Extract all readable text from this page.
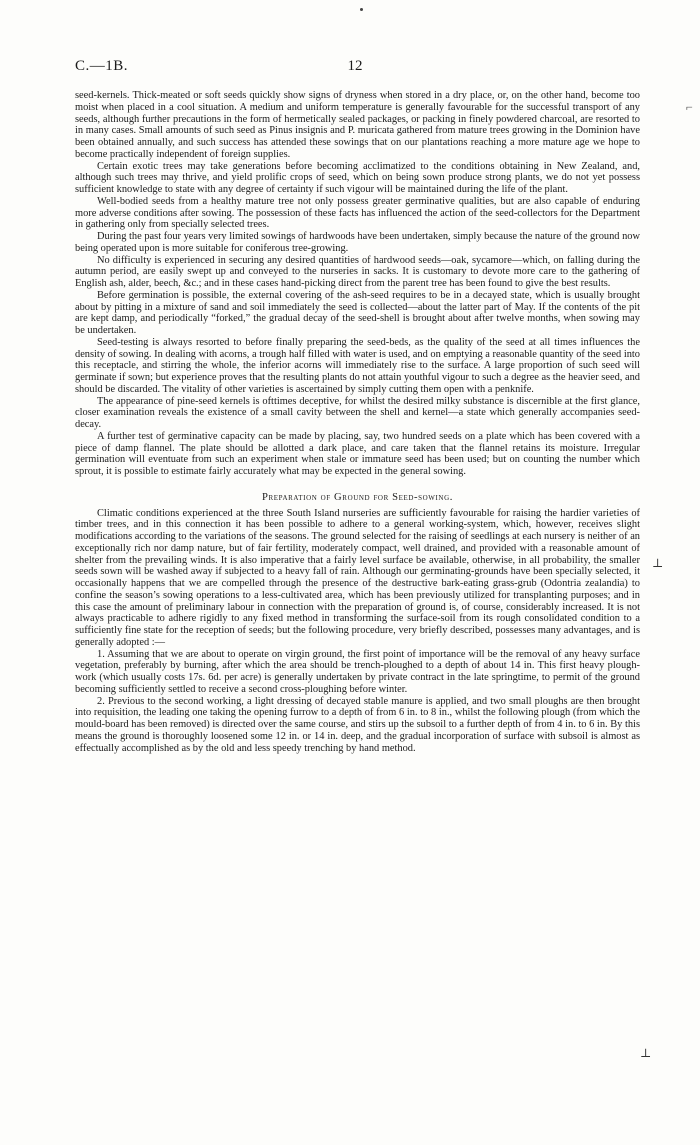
C.—1B.	12
⌐
⊥
⊥

seed-kernels. Thick-meated or soft seeds quickly show signs of dryness when stored in a dry place, or, on the other hand, become too moist when placed in a cool situation. A medium and uniform temperature is generally favourable for the successful transport of any seeds, although further precautions in the form of hermetically sealed packages, or packing in finely powdered charcoal, are resorted to in many cases. Small amounts of such seed as Pinus insignis and P. muricata gathered from mature trees growing in the Dominion have been obtained annually, and such success has attended these sowings that on our plantations reaching a more mature age we hope to become practically independent of foreign supplies.

Certain exotic trees may take generations before becoming acclimatized to the conditions obtaining in New Zealand, and, although such trees may thrive, and yield prolific crops of seed, which on being sown produce strong plants, we do not yet possess sufficient knowledge to state with any degree of certainty if such vigour will be maintained during the life of the plant.

Well-bodied seeds from a healthy mature tree not only possess greater germinative qualities, but are also capable of enduring more adverse conditions after sowing. The possession of these facts has influenced the action of the seed-collectors for the Department in gathering only from specially selected trees.

During the past four years very limited sowings of hardwoods have been undertaken, simply because the nature of the ground now being operated upon is more suitable for coniferous tree-growing.

No difficulty is experienced in securing any desired quantities of hardwood seeds—oak, sycamore—which, on falling during the autumn period, are easily swept up and conveyed to the nurseries in sacks. It is customary to devote more care to the gathering of English ash, alder, beech, &c.; and in these cases hand-picking direct from the parent tree has been found to give the best results.

Before germination is possible, the external covering of the ash-seed requires to be in a decayed state, which is usually brought about by pitting in a mixture of sand and soil immediately the seed is collected—about the latter part of May. If the contents of the pit are kept damp, and periodically “forked,” the gradual decay of the seed-shell is brought about after twelve months, when sowing may be undertaken.

Seed-testing is always resorted to before finally preparing the seed-beds, as the quality of the seed at all times influences the density of sowing. In dealing with acorns, a trough half filled with water is used, and on emptying a reasonable quantity of the seed into this receptacle, and stirring the whole, the inferior acorns will immediately rise to the surface. A large proportion of such seed will germinate if sown; but experience proves that the resulting plants do not attain youthful vigour to such a degree as the heavier seed, and should be discarded. The vitality of other varieties is ascertained by simply cutting them open with a penknife.

The appearance of pine-seed kernels is ofttimes deceptive, for whilst the desired milky substance is discernible at the first glance, closer examination reveals the existence of a small cavity between the shell and kernel—a state which generally accompanies seed-decay.

A further test of germinative capacity can be made by placing, say, two hundred seeds on a plate which has been covered with a piece of damp flannel. The plate should be allotted a dark place, and care taken that the flannel retains its moisture. Irregular germination will eventuate from such an experiment when stale or immature seed has been used; but on counting the number which sprout, it is possible to estimate fairly accurately what may be expected in the general sowing.

Preparation of Ground for Seed-sowing.

Climatic conditions experienced at the three South Island nurseries are sufficiently favourable for raising the hardier varieties of timber trees, and in this connection it has been possible to adhere to a general working-system, which, however, receives slight modifications according to the variations of the seasons. The ground selected for the raising of seedlings at each nursery is neither of an exceptionally rich nor damp nature, but of fair fertility, moderately compact, well drained, and provided with a reasonable amount of shelter from the prevailing winds. It is also imperative that a fairly level surface be available, otherwise, in all probability, the smaller seeds sown will be washed away if subjected to a heavy fall of rain. Although our germinating-grounds have been specially selected, it occasionally happens that we are compelled through the presence of the destructive bark-eating grass-grub (Odontria zealandia) to confine the season’s sowing operations to a less-cultivated area, which has been previously utilized for transplanting purposes; and in this case the amount of preliminary labour in connection with the preparation of ground is, of course, considerably increased. It is not always practicable to adhere rigidly to any fixed method in transforming the surface-soil from its rough consolidated condition to a sufficiently fine state for the reception of seeds; but the following procedure, very briefly described, possesses many advantages, and is generally adopted :—

1. Assuming that we are about to operate on virgin ground, the first point of importance will be the removal of any heavy surface vegetation, preferably by burning, after which the area should be trench-ploughed to a depth of about 14 in. This first heavy plough-work (which usually costs 17s. 6d. per acre) is generally undertaken by private contract in the late springtime, to permit of the ground becoming sufficiently settled to receive a second cross-ploughing before winter.

2. Previous to the second working, a light dressing of decayed stable manure is applied, and two small ploughs are then brought into requisition, the leading one taking the opening furrow to a depth of from 6 in. to 8 in., whilst the following plough (from which the mould-board has been removed) is directed over the same course, and stirs up the subsoil to a further depth of from 4 in. to 6 in. By this means the ground is thoroughly loosened some 12 in. or 14 in. deep, and the gradual incorporation of surface with subsoil is almost as effectually accomplished as by the old and less speedy trenching by hand method.
